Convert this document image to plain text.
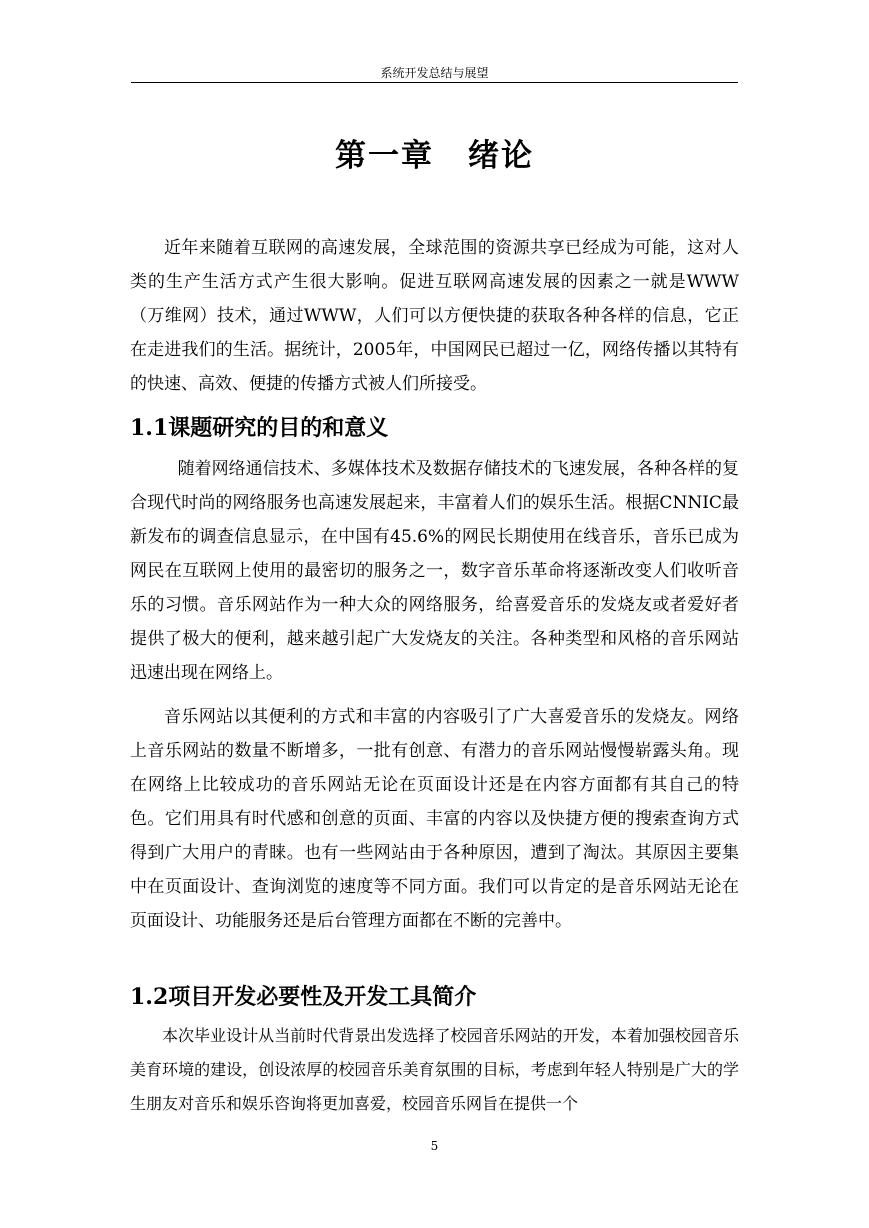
系统开发总结与展望
第一章 绪论

近年来随着互联网的高速发展，全球范围的资源共享已经成为可能，这对人类的生产生活方式产生很大影响。促进互联网高速发展的因素之一就是WWW（万维网）技术，通过WWW，人们可以方便快捷的获取各种各样的信息，它正在走进我们的生活。据统计，2005年，中国网民已超过一亿，网络传播以其特有的快速、高效、便捷的传播方式被人们所接受。

1.1课题研究的目的和意义

随着网络通信技术、多媒体技术及数据存储技术的飞速发展，各种各样的复合现代时尚的网络服务也高速发展起来，丰富着人们的娱乐生活。根据CNNIC最新发布的调查信息显示，在中国有45.6%的网民长期使用在线音乐，音乐已成为网民在互联网上使用的最密切的服务之一，数字音乐革命将逐渐改变人们收听音乐的习惯。音乐网站作为一种大众的网络服务，给喜爱音乐的发烧友或者爱好者提供了极大的便利，越来越引起广大发烧友的关注。各种类型和风格的音乐网站迅速出现在网络上。

音乐网站以其便利的方式和丰富的内容吸引了广大喜爱音乐的发烧友。网络上音乐网站的数量不断增多，一批有创意、有潜力的音乐网站慢慢崭露头角。现在网络上比较成功的音乐网站无论在页面设计还是在内容方面都有其自己的特色。它们用具有时代感和创意的页面、丰富的内容以及快捷方便的搜索查询方式得到广大用户的青睐。也有一些网站由于各种原因，遭到了淘汰。其原因主要集中在页面设计、查询浏览的速度等不同方面。我们可以肯定的是音乐网站无论在页面设计、功能服务还是后台管理方面都在不断的完善中。

1.2项目开发必要性及开发工具简介

本次毕业设计从当前时代背景出发选择了校园音乐网站的开发，本着加强校园音乐美育环境的建设，创设浓厚的校园音乐美育氛围的目标，考虑到年轻人特别是广大的学生朋友对音乐和娱乐咨询将更加喜爱，校园音乐网旨在提供一个

5
